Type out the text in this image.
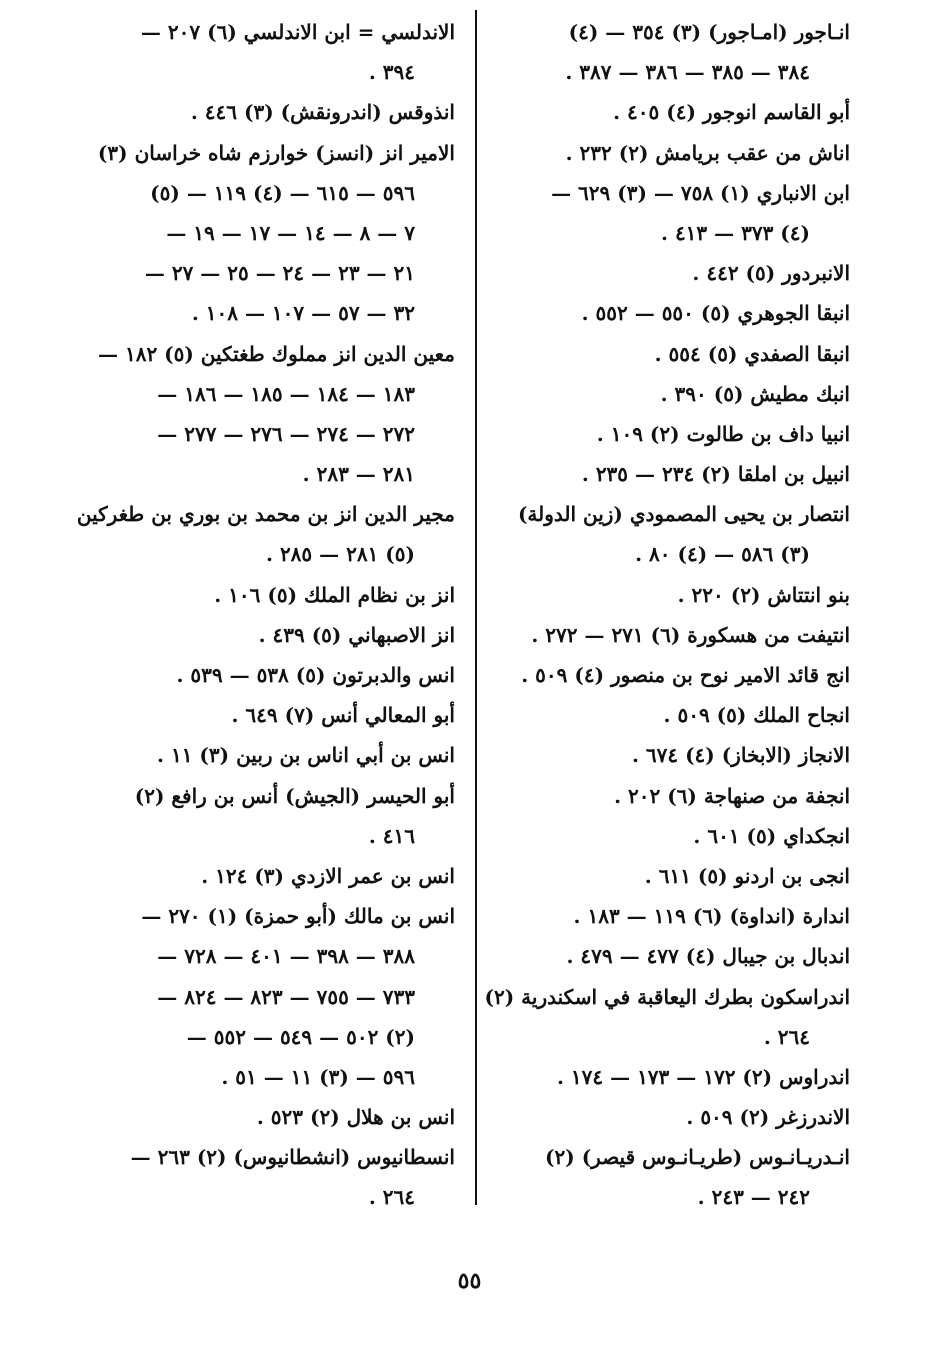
انـاجور (امـاجور) (٣) ٣٥٤ — (٤)
٣٨٤ — ٣٨٥ — ٣٨٦ — ٣٨٧ .
أبو القاسم انوجور (٤) ٤٠٥ .
اناش من عقب بريامش (٢) ٢٣٢ .
ابن الانباري (١) ٧٥٨ — (٣) ٦٢٩ —
(٤) ٣٧٣ — ٤١٣ .
الانبردور (٥) ٤٤٢ .
انبقا الجوهري (٥) ٥٥٠ — ٥٥٢ .
انبقا الصفدي (٥) ٥٥٤ .
انبك مطيش (٥) ٣٩٠ .
انبيا داف بن طالوت (٢) ١٠٩ .
انبيل بن املقا (٢) ٢٣٤ — ٢٣٥ .
انتصار بن يحيى المصمودي (زين الدولة)
(٣) ٥٨٦ — (٤) ٨٠ .
بنو انتتاش (٢) ٢٢٠ .
انتيفت من هسكورة (٦) ٢٧١ — ٢٧٢ .
انج قائد الامير نوح بن منصور (٤) ٥٠٩ .
انجاح الملك (٥) ٥٠٩ .
الانجاز (الابخاز) (٤) ٦٧٤ .
انجفة من صنهاجة (٦) ٢٠٢ .
انجكداي (٥) ٦٠١ .
انجى بن اردنو (٥) ٦١١ .
اندارة (انداوة) (٦) ١١٩ — ١٨٣ .
اندبال بن جيبال (٤) ٤٧٧ — ٤٧٩ .
اندراسكون بطرك اليعاقبة في اسكندرية (٢)
٢٦٤ .
اندراوس (٢) ١٧٢ — ١٧٣ — ١٧٤ .
الاندرزغر (٢) ٥٠٩ .
انـدريـانـوس (طريـانـوس قيصر) (٢)
٢٤٢ — ٢٤٣ .
الاندلسي = ابن الاندلسي (٦) ٢٠٧ —
٣٩٤ .
انذوقس (اندرونقش) (٣) ٤٤٦ .
الامير انز (انسز) خوارزم شاه خراسان (٣)
٥٩٦ — ٦١٥ — (٤) ١١٩ — (٥)
٧ — ٨ — ١٤ — ١٧ — ١٩ —
٢١ — ٢٣ — ٢٤ — ٢٥ — ٢٧ —
٣٢ — ٥٧ — ١٠٧ — ١٠٨ .
معين الدين انز مملوك طغتكين (٥) ١٨٢ —
١٨٣ — ١٨٤ — ١٨٥ — ١٨٦ —
٢٧٢ — ٢٧٤ — ٢٧٦ — ٢٧٧ —
٢٨١ — ٢٨٣ .
مجير الدين انز بن محمد بن بوري بن طغركين
(٥) ٢٨١ — ٢٨٥ .
انز بن نظام الملك (٥) ١٠٦ .
انز الاصبهاني (٥) ٤٣٩ .
انس والدبرتون (٥) ٥٣٨ — ٥٣٩ .
أبو المعالي أنس (٧) ٦٤٩ .
انس بن أبي اناس بن ربين (٣) ١١ .
أبو الحيسر (الجيش) أنس بن رافع (٢)
٤١٦ .
انس بن عمر الازدي (٣) ١٢٤ .
انس بن مالك (أبو حمزة) (١) ٢٧٠ —
٣٨٨ — ٣٩٨ — ٤٠١ — ٧٢٨ —
٧٣٣ — ٧٥٥ — ٨٢٣ — ٨٢٤ —
(٢) ٥٠٢ — ٥٤٩ — ٥٥٢ —
٥٩٦ — (٣) ١١ — ٥١ .
انس بن هلال (٢) ٥٢٣ .
انسطانيوس (انشطانيوس) (٢) ٢٦٣ —
٢٦٤ .
٥٥
